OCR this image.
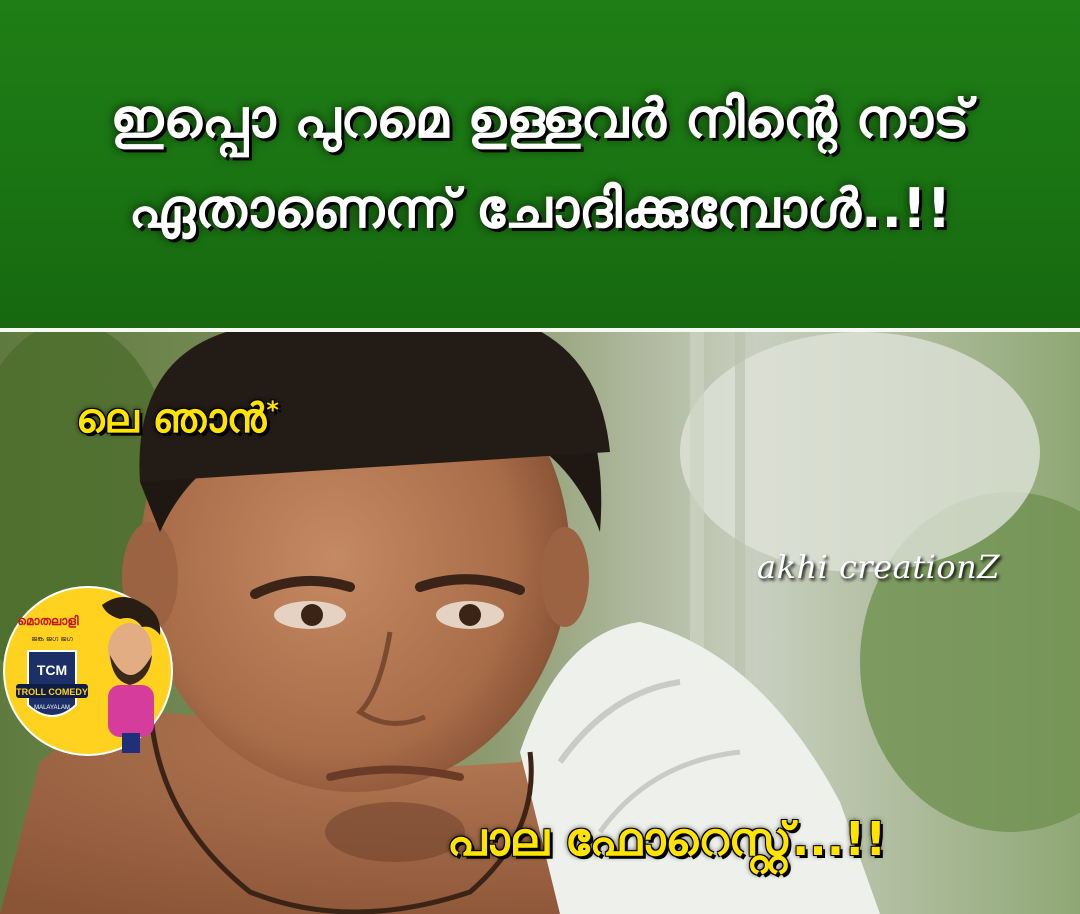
ഇപ്പൊ പുറമെ ഉള്ളവർ നിന്റെ നാട്
ഏതാണെന്ന് ചോദിക്കുമ്പോൾ..!!
ലെ ഞാൻ*
akhi creationZ
പാല ഫോറെസ്റ്റ്...!!
TCM
TROLL COMEDY
MALAYALAM
മൊതലാളി
ജങ്ക ജഗ ജഗ
